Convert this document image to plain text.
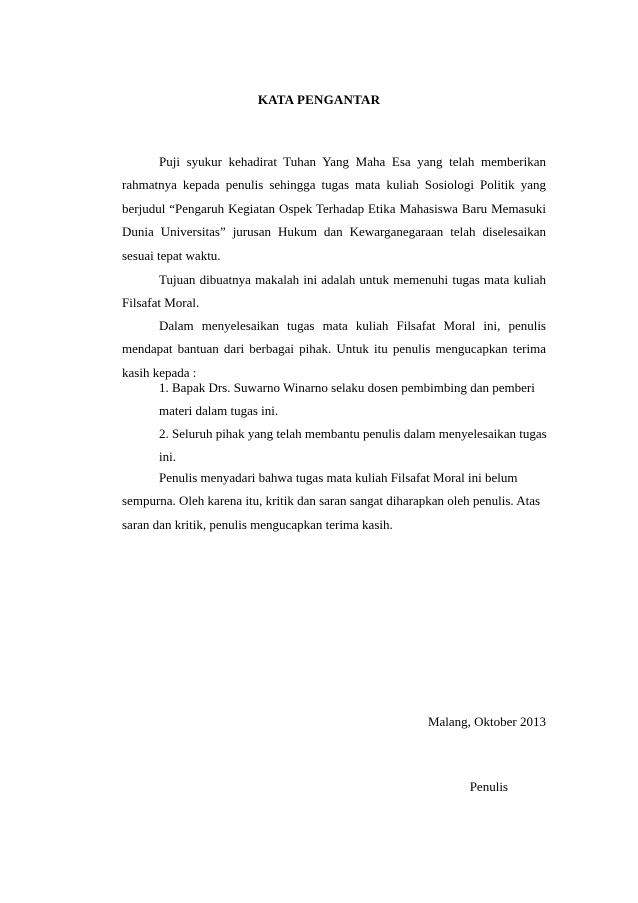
KATA PENGANTAR

Puji syukur kehadirat Tuhan Yang Maha Esa yang telah memberikan rahmatnya kepada penulis sehingga tugas mata kuliah Sosiologi Politik yang berjudul “Pengaruh Kegiatan Ospek Terhadap Etika Mahasiswa Baru Memasuki Dunia Universitas” jurusan Hukum dan Kewarganegaraan telah diselesaikan sesuai tepat waktu.

Tujuan dibuatnya makalah ini adalah untuk memenuhi tugas mata kuliah Filsafat Moral.

Dalam menyelesaikan tugas mata kuliah Filsafat Moral ini, penulis mendapat bantuan dari berbagai pihak. Untuk itu penulis mengucapkan terima kasih kepada :

1. Bapak Drs. Suwarno Winarno selaku dosen pembimbing dan pemberi materi dalam tugas ini.
2. Seluruh pihak yang telah membantu penulis dalam menyelesaikan tugas ini.

Penulis menyadari bahwa tugas mata kuliah Filsafat Moral ini belum sempurna. Oleh karena itu, kritik dan saran sangat diharapkan oleh penulis. Atas saran dan kritik, penulis mengucapkan terima kasih.

Malang, Oktober 2013
Penulis
